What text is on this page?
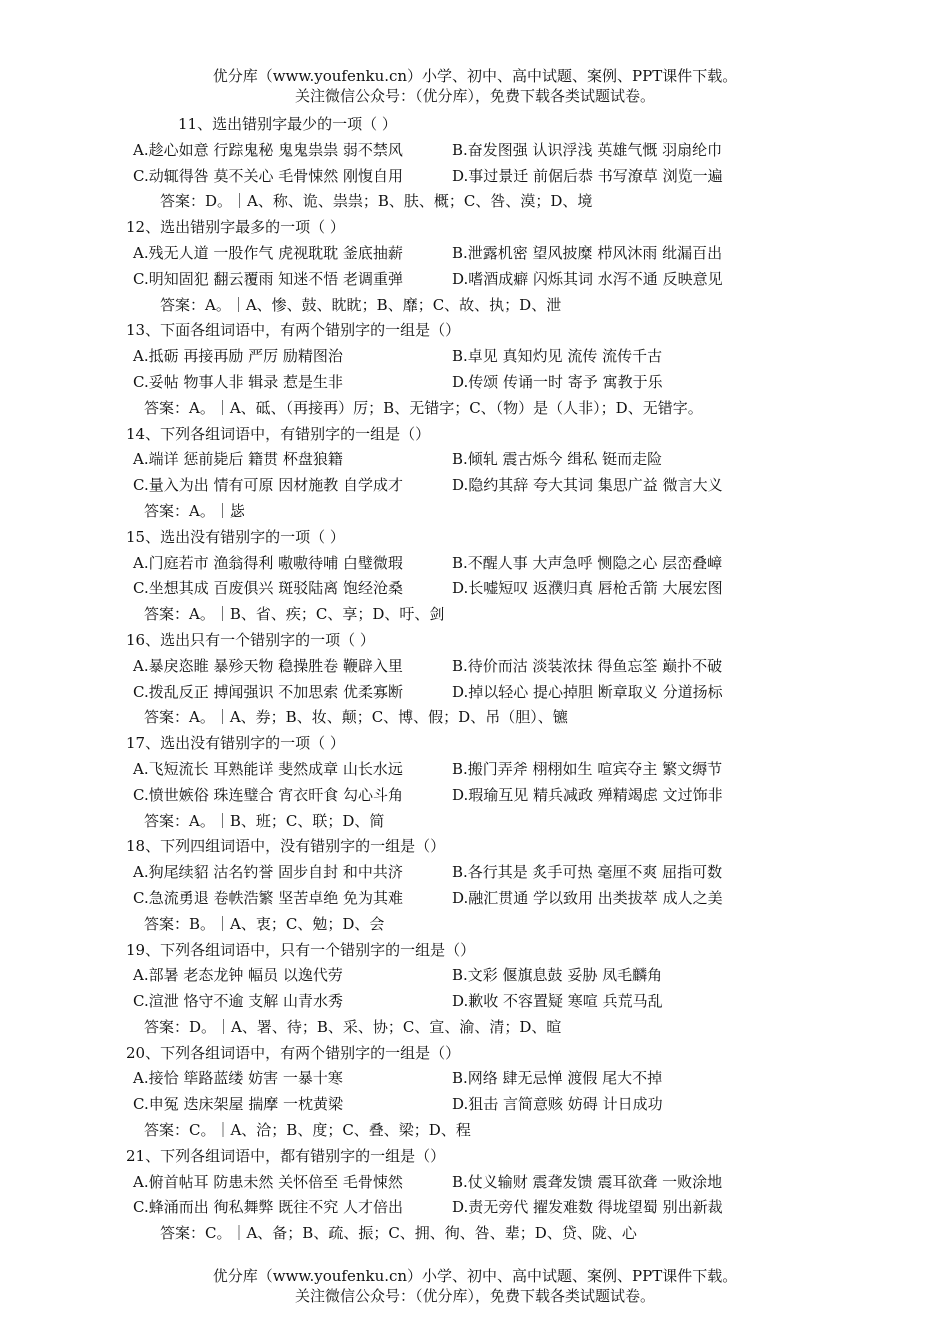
优分库（www.youfenku.cn）小学、初中、高中试题、案例、PPT课件下载。
关注微信公众号：（优分库），免费下载各类试题试卷。
11、选出错别字最少的一项（ ）
A.趁心如意 行踪鬼秘 鬼鬼祟祟 弱不禁风	B.奋发图强 认识浮浅 英雄气慨 羽扇纶巾
C.动辄得咎 莫不关心 毛骨悚然 刚愎自用	D.事过景迁 前倨后恭 书写潦草 浏览一遍
答案：D。｜A、称、诡、祟祟；B、肤、概；C、咎、漠；D、境
12、选出错别字最多的一项（ ）
A.残无人道 一股作气 虎视耽耽 釜底抽薪	B.泄露机密 望风披糜 栉风沐雨 纰漏百出
C.明知固犯 翻云覆雨 知迷不悟 老调重弹	D.嗜酒成癖 闪烁其词 水泻不通 反映意见
答案：A。｜A、惨、鼓、眈眈；B、靡；C、故、执；D、泄
13、下面各组词语中，有两个错别字的一组是（）
A.抵砺 再接再励 严厉 励精图治	B.卓见 真知灼见 流传 流传千古
C.妥帖 物事人非 辑录 惹是生非	D.传颂 传诵一时 寄予 寓教于乐
答案：A。｜A、砥、（再接再）厉；B、无错字；C、（物）是（人非）；D、无错字。
14、下列各组词语中，有错别字的一组是（）
A.端详 惩前毙后 籍贯 杯盘狼籍	B.倾轧 震古烁今 缉私 铤而走险
C.量入为出 情有可原 因材施教 自学成才	D.隐约其辞 夸大其词 集思广益 微言大义
答案：A。｜毖
15、选出没有错别字的一项（ ）
A.门庭若市 渔翁得利 嗷嗷待哺 白璧微瑕	B.不醒人事 大声急呼 恻隐之心 层峦叠嶂
C.坐想其成 百废俱兴 斑驳陆离 饱经沧桑	D.长嘘短叹 返濮归真 唇枪舌箭 大展宏图
答案：A。｜B、省、疾；C、享；D、吁、剑
16、选出只有一个错别字的一项（ ）
A.暴戾恣睢 暴殄天物 稳操胜卷 鞭辟入里	B.待价而沽 淡装浓抹 得鱼忘筌 巅扑不破
C.拨乱反正 搏闻强识 不加思索 优柔寡断	D.掉以轻心 提心掉胆 断章取义 分道扬标
答案：A。｜A、券；B、妆、颠；C、博、假；D、吊（胆）、镳
17、选出没有错别字的一项（ ）
A.飞短流长 耳熟能详 斐然成章 山长水远	B.搬门弄斧 栩栩如生 喧宾夺主 繁文缛节
C.愤世嫉俗 珠连璧合 宵衣旰食 勾心斗角	D.瑕瑜互见 精兵减政 殚精竭虑 文过饰非
答案：A。｜B、班；C、联；D、简
18、下列四组词语中，没有错别字的一组是（）
A.狗尾续貂 沽名钓誉 固步自封 和中共济	B.各行其是 炙手可热 毫厘不爽 屈指可数
C.急流勇退 卷帙浩繁 坚苦卓绝 免为其难	D.融汇贯通 学以致用 出类拔萃 成人之美
答案：B。｜A、衷；C、勉；D、会
19、下列各组词语中，只有一个错别字的一组是（）
A.部暑 老态龙钟 幅员 以逸代劳	B.文彩 偃旗息鼓 妥胁 凤毛麟角
C.渲泄 恪守不逾 支解 山青水秀	D.歉收 不容置疑 寒喧 兵荒马乱
答案：D。｜A、署、待；B、采、协；C、宣、渝、清；D、暄
20、下列各组词语中，有两个错别字的一组是（）
A.接恰 筚路蓝缕 妨害 一暴十寒	B.网络 肆无忌惮 渡假 尾大不掉
C.申冤 迭床架屋 揣摩 一枕黄梁	D.狙击 言简意赅 妨碍 计日成功
答案：C。｜A、洽；B、度；C、叠、梁；D、程
21、下列各组词语中，都有错别字的一组是（）
A.俯首帖耳 防患未然 关怀倍至 毛骨悚然	B.仗义输财 震聋发馈 震耳欲聋 一败涂地
C.蜂涌而出 徇私舞弊 既往不究 人才倍出	D.责无旁代 擢发难数 得垅望蜀 别出新裁
答案：C。｜A、备；B、疏、振；C、拥、徇、咎、辈；D、贷、陇、心
优分库（www.youfenku.cn）小学、初中、高中试题、案例、PPT课件下载。
关注微信公众号：（优分库），免费下载各类试题试卷。
